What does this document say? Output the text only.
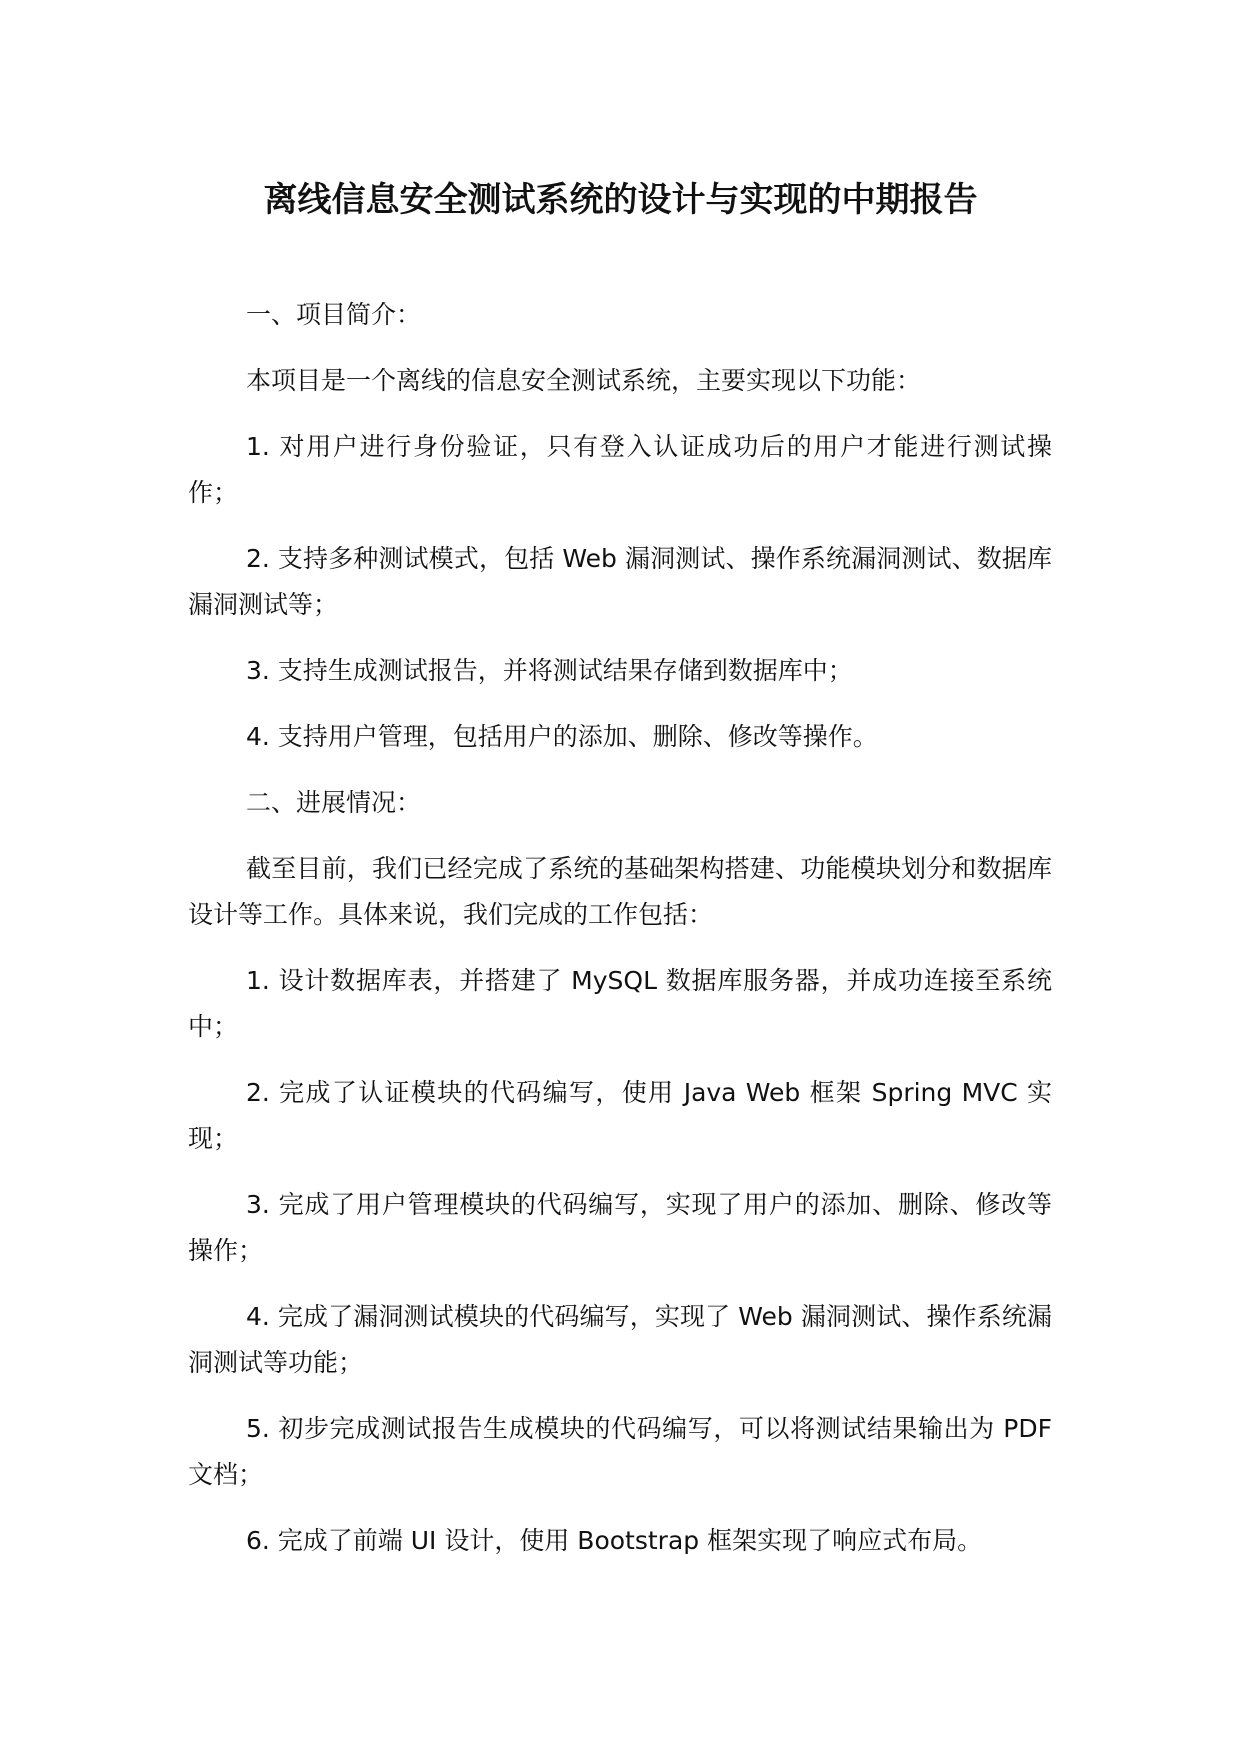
离线信息安全测试系统的设计与实现的中期报告

一、项目简介：

本项目是一个离线的信息安全测试系统，主要实现以下功能：

1. 对用户进行身份验证，只有登入认证成功后的用户才能进行测试操作；

2. 支持多种测试模式，包括 Web 漏洞测试、操作系统漏洞测试、数据库漏洞测试等；

3. 支持生成测试报告，并将测试结果存储到数据库中；

4. 支持用户管理，包括用户的添加、删除、修改等操作。

二、进展情况：

截至目前，我们已经完成了系统的基础架构搭建、功能模块划分和数据库设计等工作。具体来说，我们完成的工作包括：

1. 设计数据库表，并搭建了 MySQL 数据库服务器，并成功连接至系统中；

2. 完成了认证模块的代码编写，使用 Java Web 框架 Spring MVC 实现；

3. 完成了用户管理模块的代码编写，实现了用户的添加、删除、修改等操作；

4. 完成了漏洞测试模块的代码编写，实现了 Web 漏洞测试、操作系统漏洞测试等功能；

5. 初步完成测试报告生成模块的代码编写，可以将测试结果输出为 PDF 文档；

6. 完成了前端 UI 设计，使用 Bootstrap 框架实现了响应式布局。
